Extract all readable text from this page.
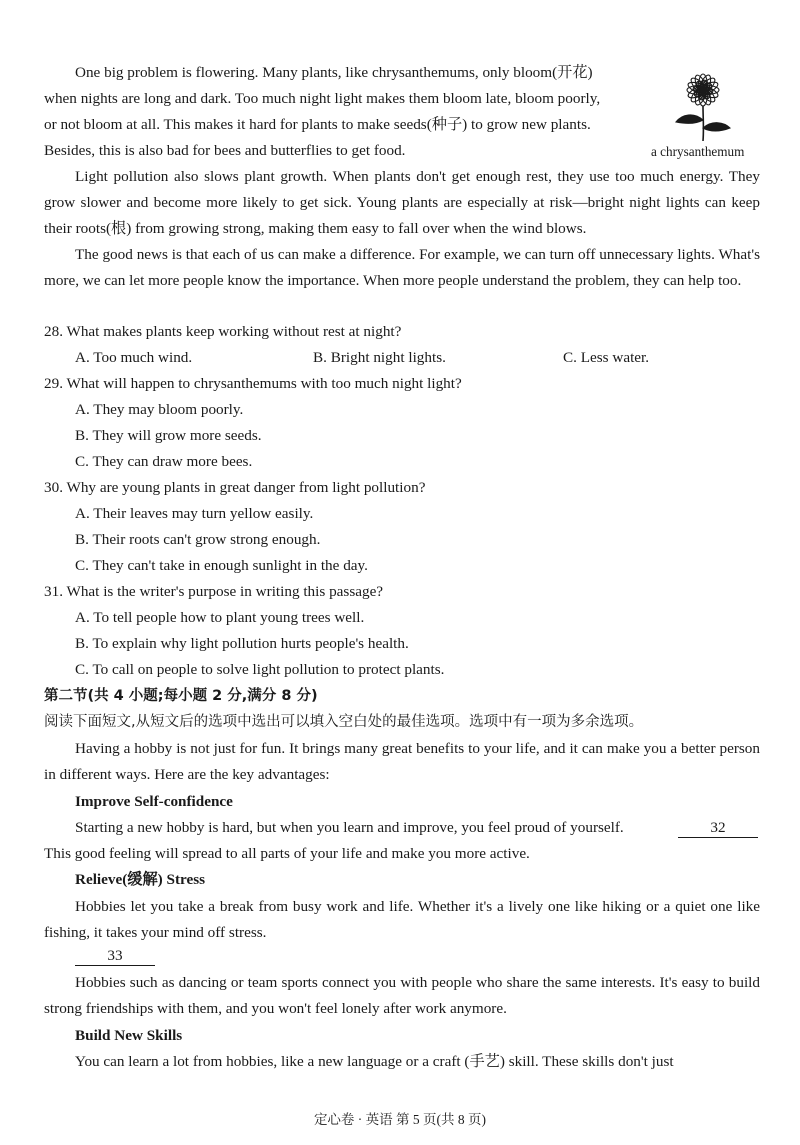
One big problem is flowering. Many plants, like chrysanthemums, only bloom(开花)
when nights are long and dark. Too much night light makes them bloom late, bloom poorly,
or not bloom at all. This makes it hard for plants to make seeds(种子) to grow new plants.
Besides, this is also bad for bees and butterflies to get food.	a chrysanthemum

Light pollution also slows plant growth. When plants don't get enough rest, they use too much energy. They grow slower and become more likely to get sick. Young plants are especially at risk—bright night lights can keep their roots(根) from growing strong, making them easy to fall over when the wind blows.

The good news is that each of us can make a difference. For example, we can turn off unnecessary lights. What's more, we can let more people know the importance. When more people understand the problem, they can help too.

28. What makes plants keep working without rest at night?
A. Too much wind.	B. Bright night lights.	C. Less water.
29. What will happen to chrysanthemums with too much night light?
A. They may bloom poorly.
B. They will grow more seeds.
C. They can draw more bees.
30. Why are young plants in great danger from light pollution?
A. Their leaves may turn yellow easily.
B. Their roots can't grow strong enough.
C. They can't take in enough sunlight in the day.
31. What is the writer's purpose in writing this passage?
A. To tell people how to plant young trees well.
B. To explain why light pollution hurts people's health.
C. To call on people to solve light pollution to protect plants.
第二节(共 4 小题;每小题 2 分,满分 8 分)
阅读下面短文,从短文后的选项中选出可以填入空白处的最佳选项。选项中有一项为多余选项。

Having a hobby is not just for fun. It brings many great benefits to your life, and it can make you a better person in different ways. Here are the key advantages:

Improve Self-confidence
Starting a new hobby is hard, but when you learn and improve, you feel proud of yourself.	32
This good feeling will spread to all parts of your life and make you more active.
Relieve(缓解) Stress

Hobbies let you take a break from busy work and life. Whether it's a lively one like hiking or a quiet one like fishing, it takes your mind off stress.

33

Hobbies such as dancing or team sports connect you with people who share the same interests. It's easy to build strong friendships with them, and you won't feel lonely after work anymore.

Build New Skills
You can learn a lot from hobbies, like a new language or a craft (手艺) skill. These skills don't just
定心卷 · 英语 第 5 页(共 8 页)
